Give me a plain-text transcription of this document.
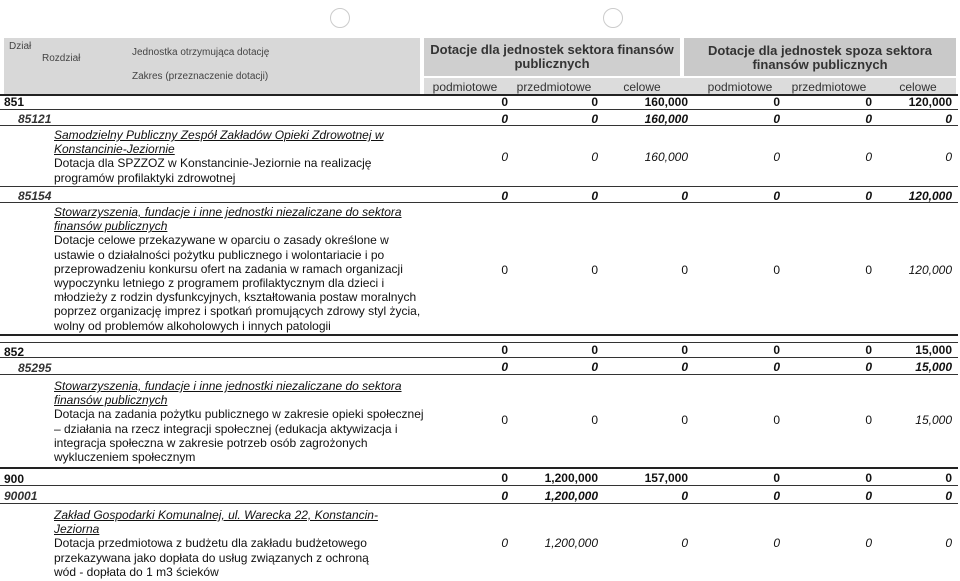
Dział
Rozdział
Jednostka otrzymująca dotację
Zakres (przeznaczenie dotacji)
Dotacje dla jednostek sektora finansów publicznych
Dotacje dla jednostek spoza sektora finansów publicznych
podmiotowe	przedmiotowe	celowe	podmiotowe	przedmiotowe	celowe
851	0	0	160,000	0	0	120,000
85121	0	0	160,000	0	0	0
Samodzielny Publiczny Zespół Zakładów Opieki Zdrowotnej w Konstancinie-Jeziornie
Dotacja dla SPZZOZ w Konstancinie-Jeziornie na realizację programów profilaktyki zdrowotnej
0	0	160,000	0	0	0
85154	0	0	0	0	0	120,000
Stowarzyszenia, fundacje i inne jednostki niezaliczane do sektora finansów publicznych
Dotacje celowe przekazywane w oparciu o zasady określone w ustawie o działalności pożytku publicznego i wolontariacie i po przeprowadzeniu konkursu ofert na zadania w ramach organizacji wypoczynku letniego z programem profilaktycznym dla dzieci i młodzieży z rodzin dysfunkcyjnych, kształtowania postaw moralnych poprzez organizację imprez i spotkań promujących zdrowy styl życia, wolny od problemów alkoholowych i innych patologii
0	0	0	0	0	120,000
852	0	0	0	0	0	15,000
85295	0	0	0	0	0	15,000
Stowarzyszenia, fundacje i inne jednostki niezaliczane do sektora finansów publicznych
Dotacja na zadania pożytku publicznego w zakresie opieki społecznej – działania na rzecz integracji społecznej (edukacja aktywizacja i integracja społeczna w zakresie potrzeb osób zagrożonych wykluczeniem społecznym
0	0	0	0	0	15,000
900	0	1,200,000	157,000	0	0	0
90001	0	1,200,000	0	0	0	0
Zakład Gospodarki Komunalnej, ul. Warecka 22, Konstancin-Jeziorna
Dotacja przedmiotowa z budżetu dla zakładu budżetowego przekazywana jako dopłata do usług związanych z ochroną wód - dopłata do 1 m3 ścieków
0	1,200,000	0	0	0	0
